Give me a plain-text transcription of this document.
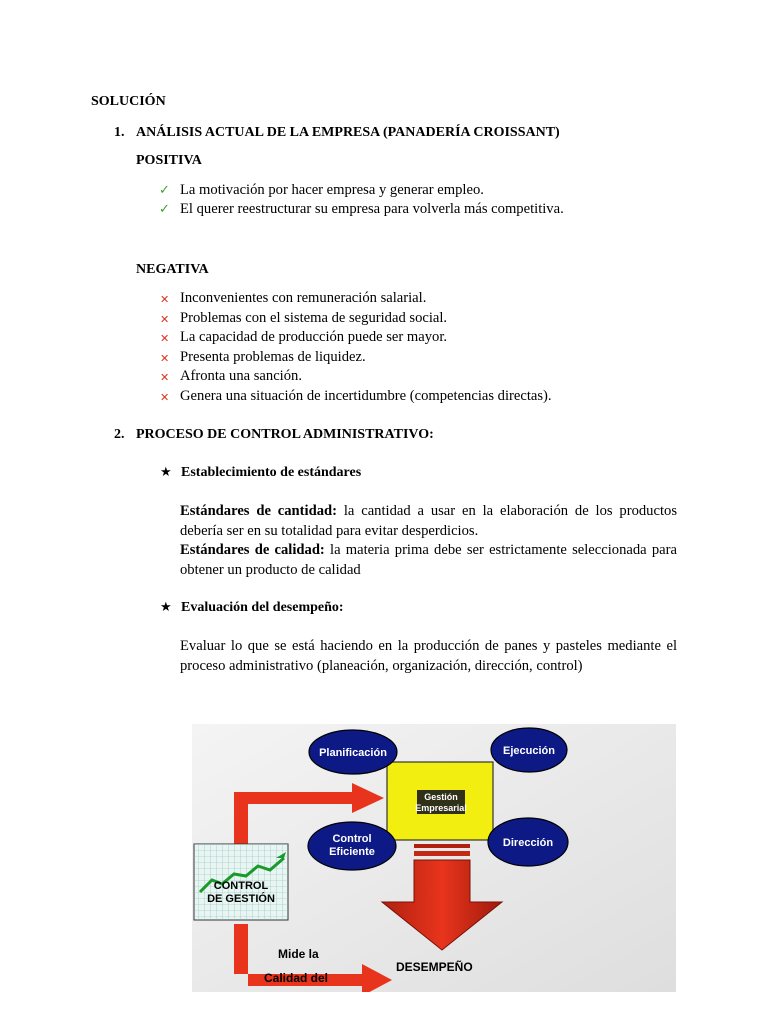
SOLUCIÓN
1. ANÁLISIS ACTUAL DE LA EMPRESA (PANADERÍA CROISSANT)
POSITIVA
✓ La motivación por hacer empresa y generar empleo.
✓ El querer reestructurar su empresa para volverla más competitiva.
NEGATIVA
✕ Inconvenientes con remuneración salarial.
✕ Problemas con el sistema de seguridad social.
✕ La capacidad de producción puede ser mayor.
✕ Presenta problemas de liquidez.
✕ Afronta una sanción.
✕ Genera una situación de incertidumbre (competencias directas).
2. PROCESO DE CONTROL ADMINISTRATIVO:
★ Establecimiento de estándares
Estándares de cantidad: la cantidad a usar en la elaboración de los productos
debería ser en su totalidad para evitar desperdicios.
Estándares de calidad: la materia prima debe ser estrictamente seleccionada para
obtener un producto de calidad
★ Evaluación del desempeño:
Evaluar lo que se está haciendo en la producción de panes y pasteles mediante el
proceso administrativo (planeación, organización, dirección, control)
Gestión
Empresarial
Planificación	Ejecución
Control
Eficiente
Dirección
CONTROL
DE GESTIÓN
Mide la
Calidad del
DESEMPEÑO
